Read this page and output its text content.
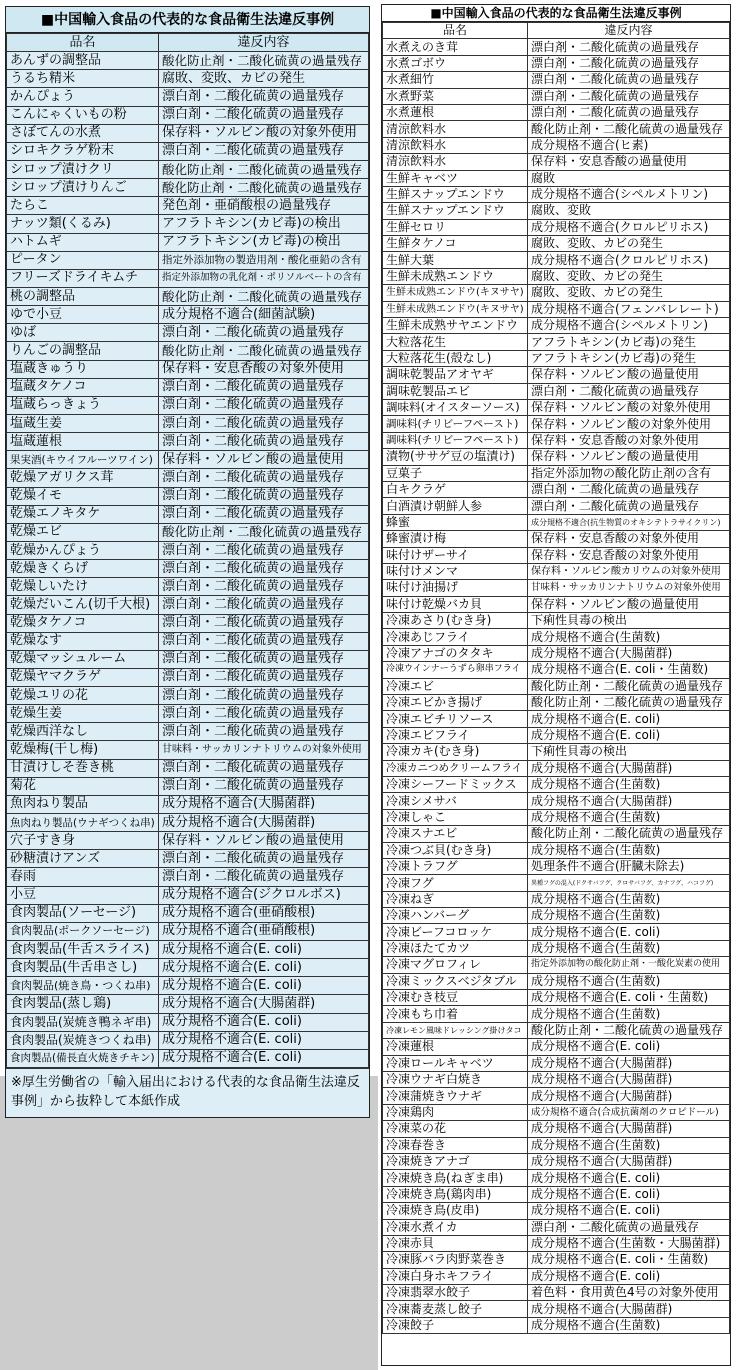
■中国輸入食品の代表的な食品衛生法違反事例
品名	違反内容
あんずの調整品	酸化防止剤・二酸化硫黄の過量残存
うるち精米	腐敗、変敗、カビの発生
かんぴょう	漂白剤・二酸化硫黄の過量残存
こんにゃくいもの粉	漂白剤・二酸化硫黄の過量残存
さぼてんの水煮	保存料・ソルビン酸の対象外使用
シロキクラゲ粉末	漂白剤・二酸化硫黄の過量残存
シロップ漬けクリ	酸化防止剤・二酸化硫黄の過量残存
シロップ漬けりんご	酸化防止剤・二酸化硫黄の過量残存
たらこ	発色剤・亜硝酸根の過量残存
ナッツ類(くるみ)	アフラトキシン(カビ毒)の検出
ハトムギ	アフラトキシン(カビ毒)の検出
ピータン	指定外添加物の製造用剤・酸化亜鉛の含有
フリーズドライキムチ	指定外添加物の乳化剤・ポリソルベートの含有
桃の調整品	酸化防止剤・二酸化硫黄の過量残存
ゆで小豆	成分規格不適合(細菌試験)
ゆば	漂白剤・二酸化硫黄の過量残存
りんごの調整品	酸化防止剤・二酸化硫黄の過量残存
塩蔵きゅうり	保存料・安息香酸の対象外使用
塩蔵タケノコ	漂白剤・二酸化硫黄の過量残存
塩蔵らっきょう	漂白剤・二酸化硫黄の過量残存
塩蔵生姜	漂白剤・二酸化硫黄の過量残存
塩蔵蓮根	漂白剤・二酸化硫黄の過量残存
果実酒(キウイフルーツワイン)	保存料・ソルビン酸の過量使用
乾燥アガリクス茸	漂白剤・二酸化硫黄の過量残存
乾燥イモ	漂白剤・二酸化硫黄の過量残存
乾燥エノキタケ	漂白剤・二酸化硫黄の過量残存
乾燥エビ	酸化防止剤・二酸化硫黄の過量残存
乾燥かんぴょう	漂白剤・二酸化硫黄の過量残存
乾燥きくらげ	漂白剤・二酸化硫黄の過量残存
乾燥しいたけ	漂白剤・二酸化硫黄の過量残存
乾燥だいこん(切千大根)	漂白剤・二酸化硫黄の過量残存
乾燥タケノコ	漂白剤・二酸化硫黄の過量残存
乾燥なす	漂白剤・二酸化硫黄の過量残存
乾燥マッシュルーム	漂白剤・二酸化硫黄の過量残存
乾燥ヤマクラゲ	漂白剤・二酸化硫黄の過量残存
乾燥ユリの花	漂白剤・二酸化硫黄の過量残存
乾燥生姜	漂白剤・二酸化硫黄の過量残存
乾燥西洋なし	漂白剤・二酸化硫黄の過量残存
乾燥梅(干し梅)	甘味料・サッカリンナトリウムの対象外使用
甘漬けしそ巻き桃	漂白剤・二酸化硫黄の過量残存
菊花	漂白剤・二酸化硫黄の過量残存
魚肉ねり製品	成分規格不適合(大腸菌群)
魚肉ねり製品(ウナギつくね串)	成分規格不適合(大腸菌群)
穴子すき身	保存料・ソルビン酸の過量使用
砂糖漬けアンズ	漂白剤・二酸化硫黄の過量残存
春雨	漂白剤・二酸化硫黄の過量残存
小豆	成分規格不適合(ジクロルボス)
食肉製品(ソーセージ)	成分規格不適合(亜硝酸根)
食肉製品(ポークソーセージ)	成分規格不適合(亜硝酸根)
食肉製品(牛舌スライス)	成分規格不適合(E. coli)
食肉製品(牛舌串さし)	成分規格不適合(E. coli)
食肉製品(焼き鳥・つくね串)	成分規格不適合(E. coli)
食肉製品(蒸し鶏)	成分規格不適合(大腸菌群)
食肉製品(炭焼き鴨ネギ串)	成分規格不適合(E. coli)
食肉製品(炭焼きつくね串)	成分規格不適合(E. coli)
食肉製品(備長直火焼きチキン)	成分規格不適合(E. coli)
※厚生労働省の「輸入届出における代表的な食品衛生法違反事例」から抜粋して本紙作成
■中国輸入食品の代表的な食品衛生法違反事例
品名	違反内容
水煮えのき茸	漂白剤・二酸化硫黄の過量残存
水煮ゴボウ	漂白剤・二酸化硫黄の過量残存
水煮細竹	漂白剤・二酸化硫黄の過量残存
水煮野菜	漂白剤・二酸化硫黄の過量残存
水煮蓮根	漂白剤・二酸化硫黄の過量残存
清涼飲料水	酸化防止剤・二酸化硫黄の過量残存
清涼飲料水	成分規格不適合(ヒ素)
清涼飲料水	保存料・安息香酸の過量使用
生鮮キャベツ	腐敗
生鮮スナップエンドウ	成分規格不適合(シペルメトリン)
生鮮スナップエンドウ	腐敗、変敗
生鮮セロリ	成分規格不適合(クロルピリホス)
生鮮タケノコ	腐敗、変敗、カビの発生
生鮮大葉	成分規格不適合(クロルピリホス)
生鮮未成熟エンドウ	腐敗、変敗、カビの発生
生鮮未成熟エンドウ(キヌサヤ)	腐敗、変敗、カビの発生
生鮮未成熟エンドウ(キヌサヤ)	成分規格不適合(フェンバレレート)
生鮮未成熟サヤエンドウ	成分規格不適合(シペルメトリン)
大粒落花生	アフラトキシン(カビ毒)の発生
大粒落花生(殻なし)	アフラトキシン(カビ毒)の発生
調味乾製品アオヤギ	保存料・ソルビン酸の過量使用
調味乾製品エビ	漂白剤・二酸化硫黄の過量残存
調味料(オイスターソース)	保存料・ソルビン酸の対象外使用
調味料(チリビーフペースト)	保存料・ソルビン酸の対象外使用
調味料(チリビーフペースト)	保存料・安息香酸の対象外使用
漬物(ササゲ豆の塩漬け)	保存料・ソルビン酸の過量使用
豆菓子	指定外添加物の酸化防止剤の含有
白キクラゲ	漂白剤・二酸化硫黄の過量残存
白酒漬け朝鮮人参	漂白剤・二酸化硫黄の過量残存
蜂蜜	成分規格不適合(抗生物質のオキシテトラサイクリン)
蜂蜜漬け梅	保存料・安息香酸の対象外使用
味付けザーサイ	保存料・安息香酸の対象外使用
味付けメンマ	保存料・ソルビン酸カリウムの対象外使用
味付け油揚げ	甘味料・サッカリンナトリウムの対象外使用
味付け乾燥バカ貝	保存料・ソルビン酸の過量使用
冷凍あさり(むき身)	下痢性貝毒の検出
冷凍あじフライ	成分規格不適合(生菌数)
冷凍アナゴのタタキ	成分規格不適合(大腸菌群)
冷凍ウインナーうずら卵串フライ	成分規格不適合(E. coli・生菌数)
冷凍エビ	酸化防止剤・二酸化硫黄の過量残存
冷凍エビかき揚げ	酸化防止剤・二酸化硫黄の過量残存
冷凍エビチリソース	成分規格不適合(E. coli)
冷凍エビフライ	成分規格不適合(E. coli)
冷凍カキ(むき身)	下痢性貝毒の検出
冷凍カニつめクリームフライ	成分規格不適合(大腸菌群)
冷凍シーフードミックス	成分規格不適合(生菌数)
冷凍シメサバ	成分規格不適合(大腸菌群)
冷凍しゃこ	成分規格不適合(生菌数)
冷凍スナエビ	酸化防止剤・二酸化硫黄の過量残存
冷凍つぶ貝(むき身)	成分規格不適合(生菌数)
冷凍トラフグ	処理条件不適合(肝臓未除去)
冷凍フグ	異種フグの混入(ドクサバフグ、クロサバフグ、カナフグ、ハコフグ)
冷凍ねぎ	成分規格不適合(生菌数)
冷凍ハンバーグ	成分規格不適合(生菌数)
冷凍ビーフコロッケ	成分規格不適合(E. coli)
冷凍ほたてカツ	成分規格不適合(生菌数)
冷凍マグロフィレ	指定外添加物の酸化防止剤・一酸化炭素の使用
冷凍ミックスベジタブル	成分規格不適合(生菌数)
冷凍むき枝豆	成分規格不適合(E. coli・生菌数)
冷凍もち巾着	成分規格不適合(生菌数)
冷凍レモン風味ドレッシング掛けタコ	酸化防止剤・二酸化硫黄の過量残存
冷凍蓮根	成分規格不適合(E. coli)
冷凍ロールキャベツ	成分規格不適合(大腸菌群)
冷凍ウナギ白焼き	成分規格不適合(大腸菌群)
冷凍蒲焼きウナギ	成分規格不適合(大腸菌群)
冷凍鶏肉	成分規格不適合(合成抗菌剤のクロピドール)
冷凍菜の花	成分規格不適合(大腸菌群)
冷凍春巻き	成分規格不適合(生菌数)
冷凍焼きアナゴ	成分規格不適合(大腸菌群)
冷凍焼き鳥(ねぎま串)	成分規格不適合(E. coli)
冷凍焼き鳥(鶏肉串)	成分規格不適合(E. coli)
冷凍焼き鳥(皮串)	成分規格不適合(E. coli)
冷凍水煮イカ	漂白剤・二酸化硫黄の過量残存
冷凍赤貝	成分規格不適合(生菌数・大腸菌群)
冷凍豚バラ肉野菜巻き	成分規格不適合(E. coli・生菌数)
冷凍白身ホキフライ	成分規格不適合(E. coli)
冷凍翡翠水餃子	着色料・食用黄色4号の対象外使用
冷凍蕎麦蒸し餃子	成分規格不適合(大腸菌群)
冷凍餃子	成分規格不適合(生菌数)
